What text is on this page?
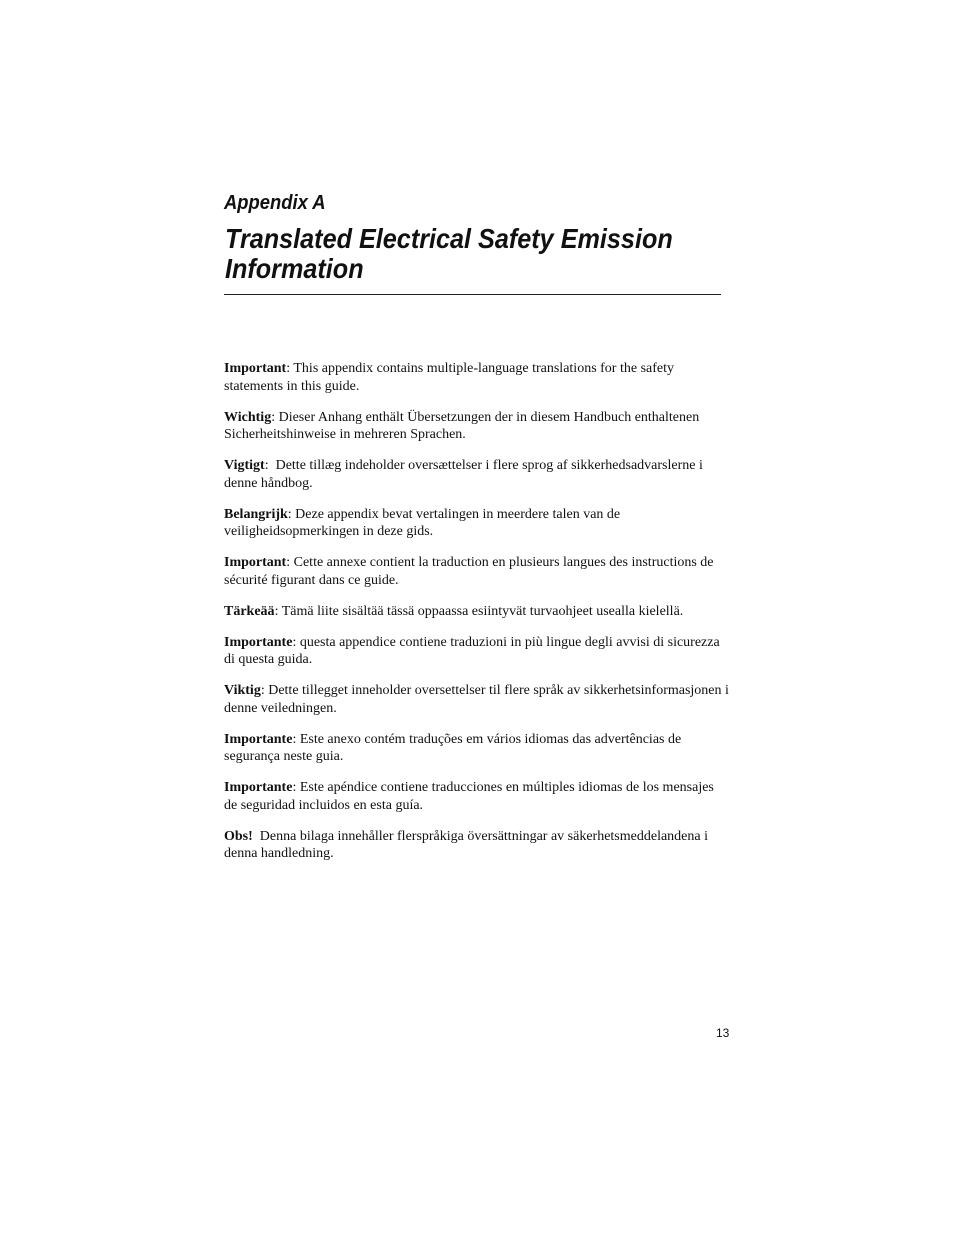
Appendix A
Translated Electrical Safety Emission Information

Important: This appendix contains multiple-language translations for the safety statements in this guide.

Wichtig: Dieser Anhang enthält Übersetzungen der in diesem Handbuch enthaltenen Sicherheitshinweise in mehreren Sprachen.

Vigtigt:  Dette tillæg indeholder oversættelser i flere sprog af sikkerhedsadvarslerne i denne håndbog.

Belangrijk: Deze appendix bevat vertalingen in meerdere talen van de veiligheidsopmerkingen in deze gids.

Important: Cette annexe contient la traduction en plusieurs langues des instructions de sécurité figurant dans ce guide.

Tärkeää: Tämä liite sisältää tässä oppaassa esiintyvät turvaohjeet usealla kielellä.

Importante: questa appendice contiene traduzioni in più lingue degli avvisi di sicurezza di questa guida.

Viktig: Dette tillegget inneholder oversettelser til flere språk av sikkerhetsinformasjonen i denne veiledningen.

Importante: Este anexo contém traduções em vários idiomas das advertências de segurança neste guia.

Importante: Este apéndice contiene traducciones en múltiples idiomas de los mensajes de seguridad incluidos en esta guía.

Obs! Denna bilaga innehåller flerspråkiga översättningar av säkerhetsmeddelandena i denna handledning.

13
